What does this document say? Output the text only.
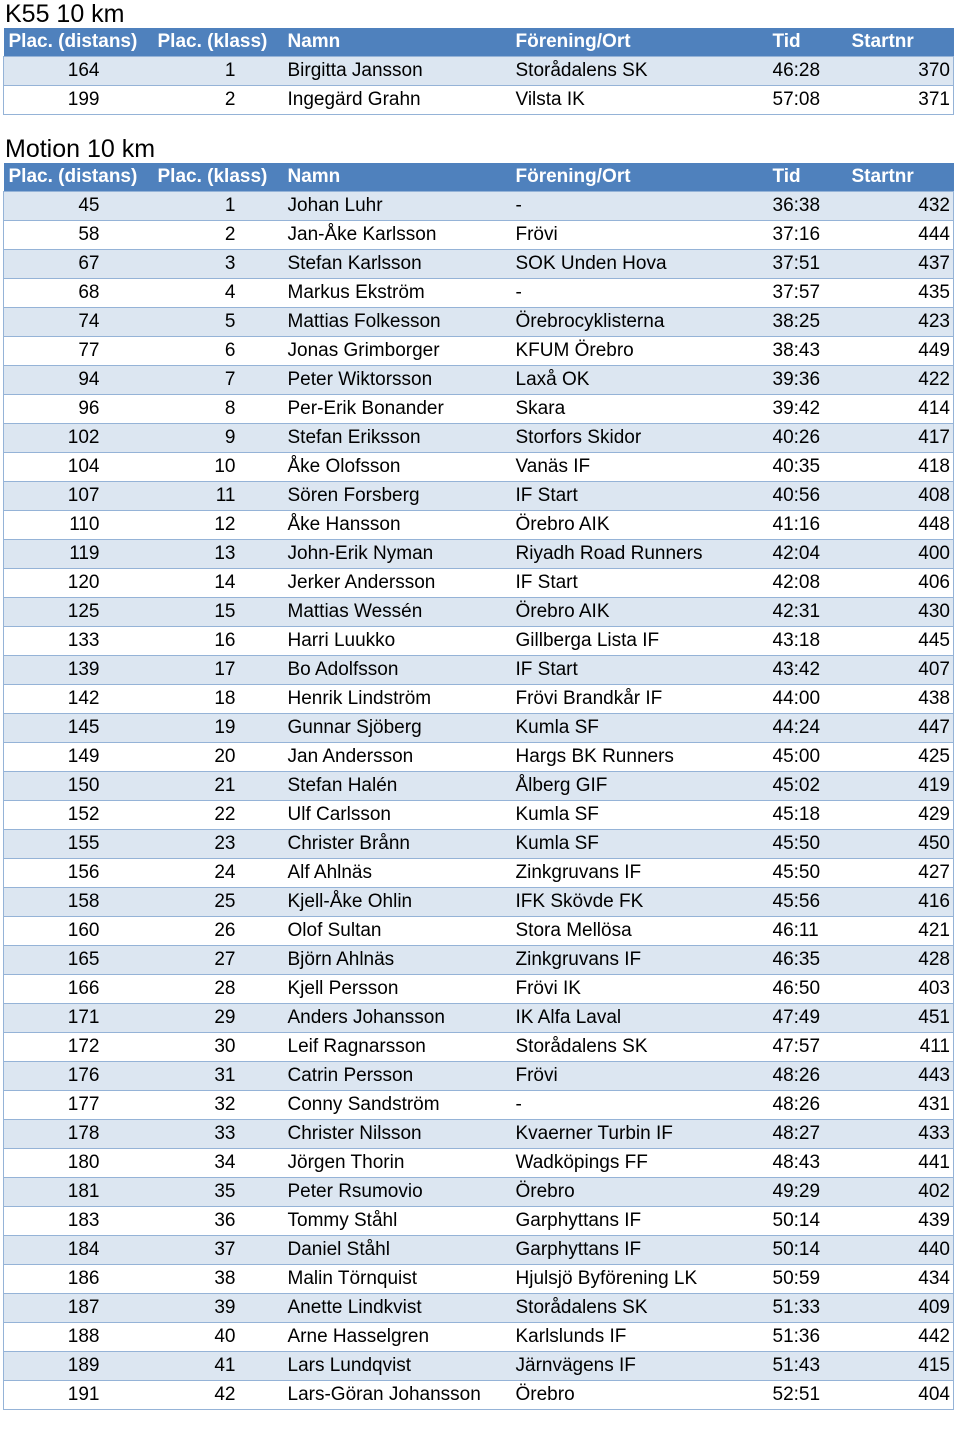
K55 10 km
Plac. (distans)	Plac. (klass)	Namn	Förening/Ort	Tid	Startnr
164	1	Birgitta Jansson	Storådalens SK	46:28	370
199	2	Ingegärd Grahn	Vilsta IK	57:08	371
Motion 10 km
Plac. (distans)	Plac. (klass)	Namn	Förening/Ort	Tid	Startnr
45	1	Johan Luhr	-	36:38	432
58	2	Jan-Åke Karlsson	Frövi	37:16	444
67	3	Stefan Karlsson	SOK Unden Hova	37:51	437
68	4	Markus Ekström	-	37:57	435
74	5	Mattias Folkesson	Örebrocyklisterna	38:25	423
77	6	Jonas Grimborger	KFUM Örebro	38:43	449
94	7	Peter Wiktorsson	Laxå OK	39:36	422
96	8	Per-Erik Bonander	Skara	39:42	414
102	9	Stefan Eriksson	Storfors Skidor	40:26	417
104	10	Åke Olofsson	Vanäs IF	40:35	418
107	11	Sören Forsberg	IF Start	40:56	408
110	12	Åke Hansson	Örebro AIK	41:16	448
119	13	John-Erik Nyman	Riyadh Road Runners	42:04	400
120	14	Jerker Andersson	IF Start	42:08	406
125	15	Mattias Wessén	Örebro AIK	42:31	430
133	16	Harri Luukko	Gillberga Lista IF	43:18	445
139	17	Bo Adolfsson	IF Start	43:42	407
142	18	Henrik Lindström	Frövi Brandkår IF	44:00	438
145	19	Gunnar Sjöberg	Kumla SF	44:24	447
149	20	Jan Andersson	Hargs BK Runners	45:00	425
150	21	Stefan Halén	Ålberg GIF	45:02	419
152	22	Ulf Carlsson	Kumla SF	45:18	429
155	23	Christer Brånn	Kumla SF	45:50	450
156	24	Alf Ahlnäs	Zinkgruvans IF	45:50	427
158	25	Kjell-Åke Ohlin	IFK Skövde FK	45:56	416
160	26	Olof Sultan	Stora Mellösa	46:11	421
165	27	Björn Ahlnäs	Zinkgruvans IF	46:35	428
166	28	Kjell Persson	Frövi IK	46:50	403
171	29	Anders Johansson	IK Alfa Laval	47:49	451
172	30	Leif Ragnarsson	Storådalens SK	47:57	411
176	31	Catrin Persson	Frövi	48:26	443
177	32	Conny Sandström	-	48:26	431
178	33	Christer Nilsson	Kvaerner Turbin IF	48:27	433
180	34	Jörgen Thorin	Wadköpings FF	48:43	441
181	35	Peter Rsumovio	Örebro	49:29	402
183	36	Tommy Ståhl	Garphyttans IF	50:14	439
184	37	Daniel Ståhl	Garphyttans IF	50:14	440
186	38	Malin Törnquist	Hjulsjö Byförening LK	50:59	434
187	39	Anette Lindkvist	Storådalens SK	51:33	409
188	40	Arne Hasselgren	Karlslunds IF	51:36	442
189	41	Lars Lundqvist	Järnvägens IF	51:43	415
191	42	Lars-Göran Johansson	Örebro	52:51	404
